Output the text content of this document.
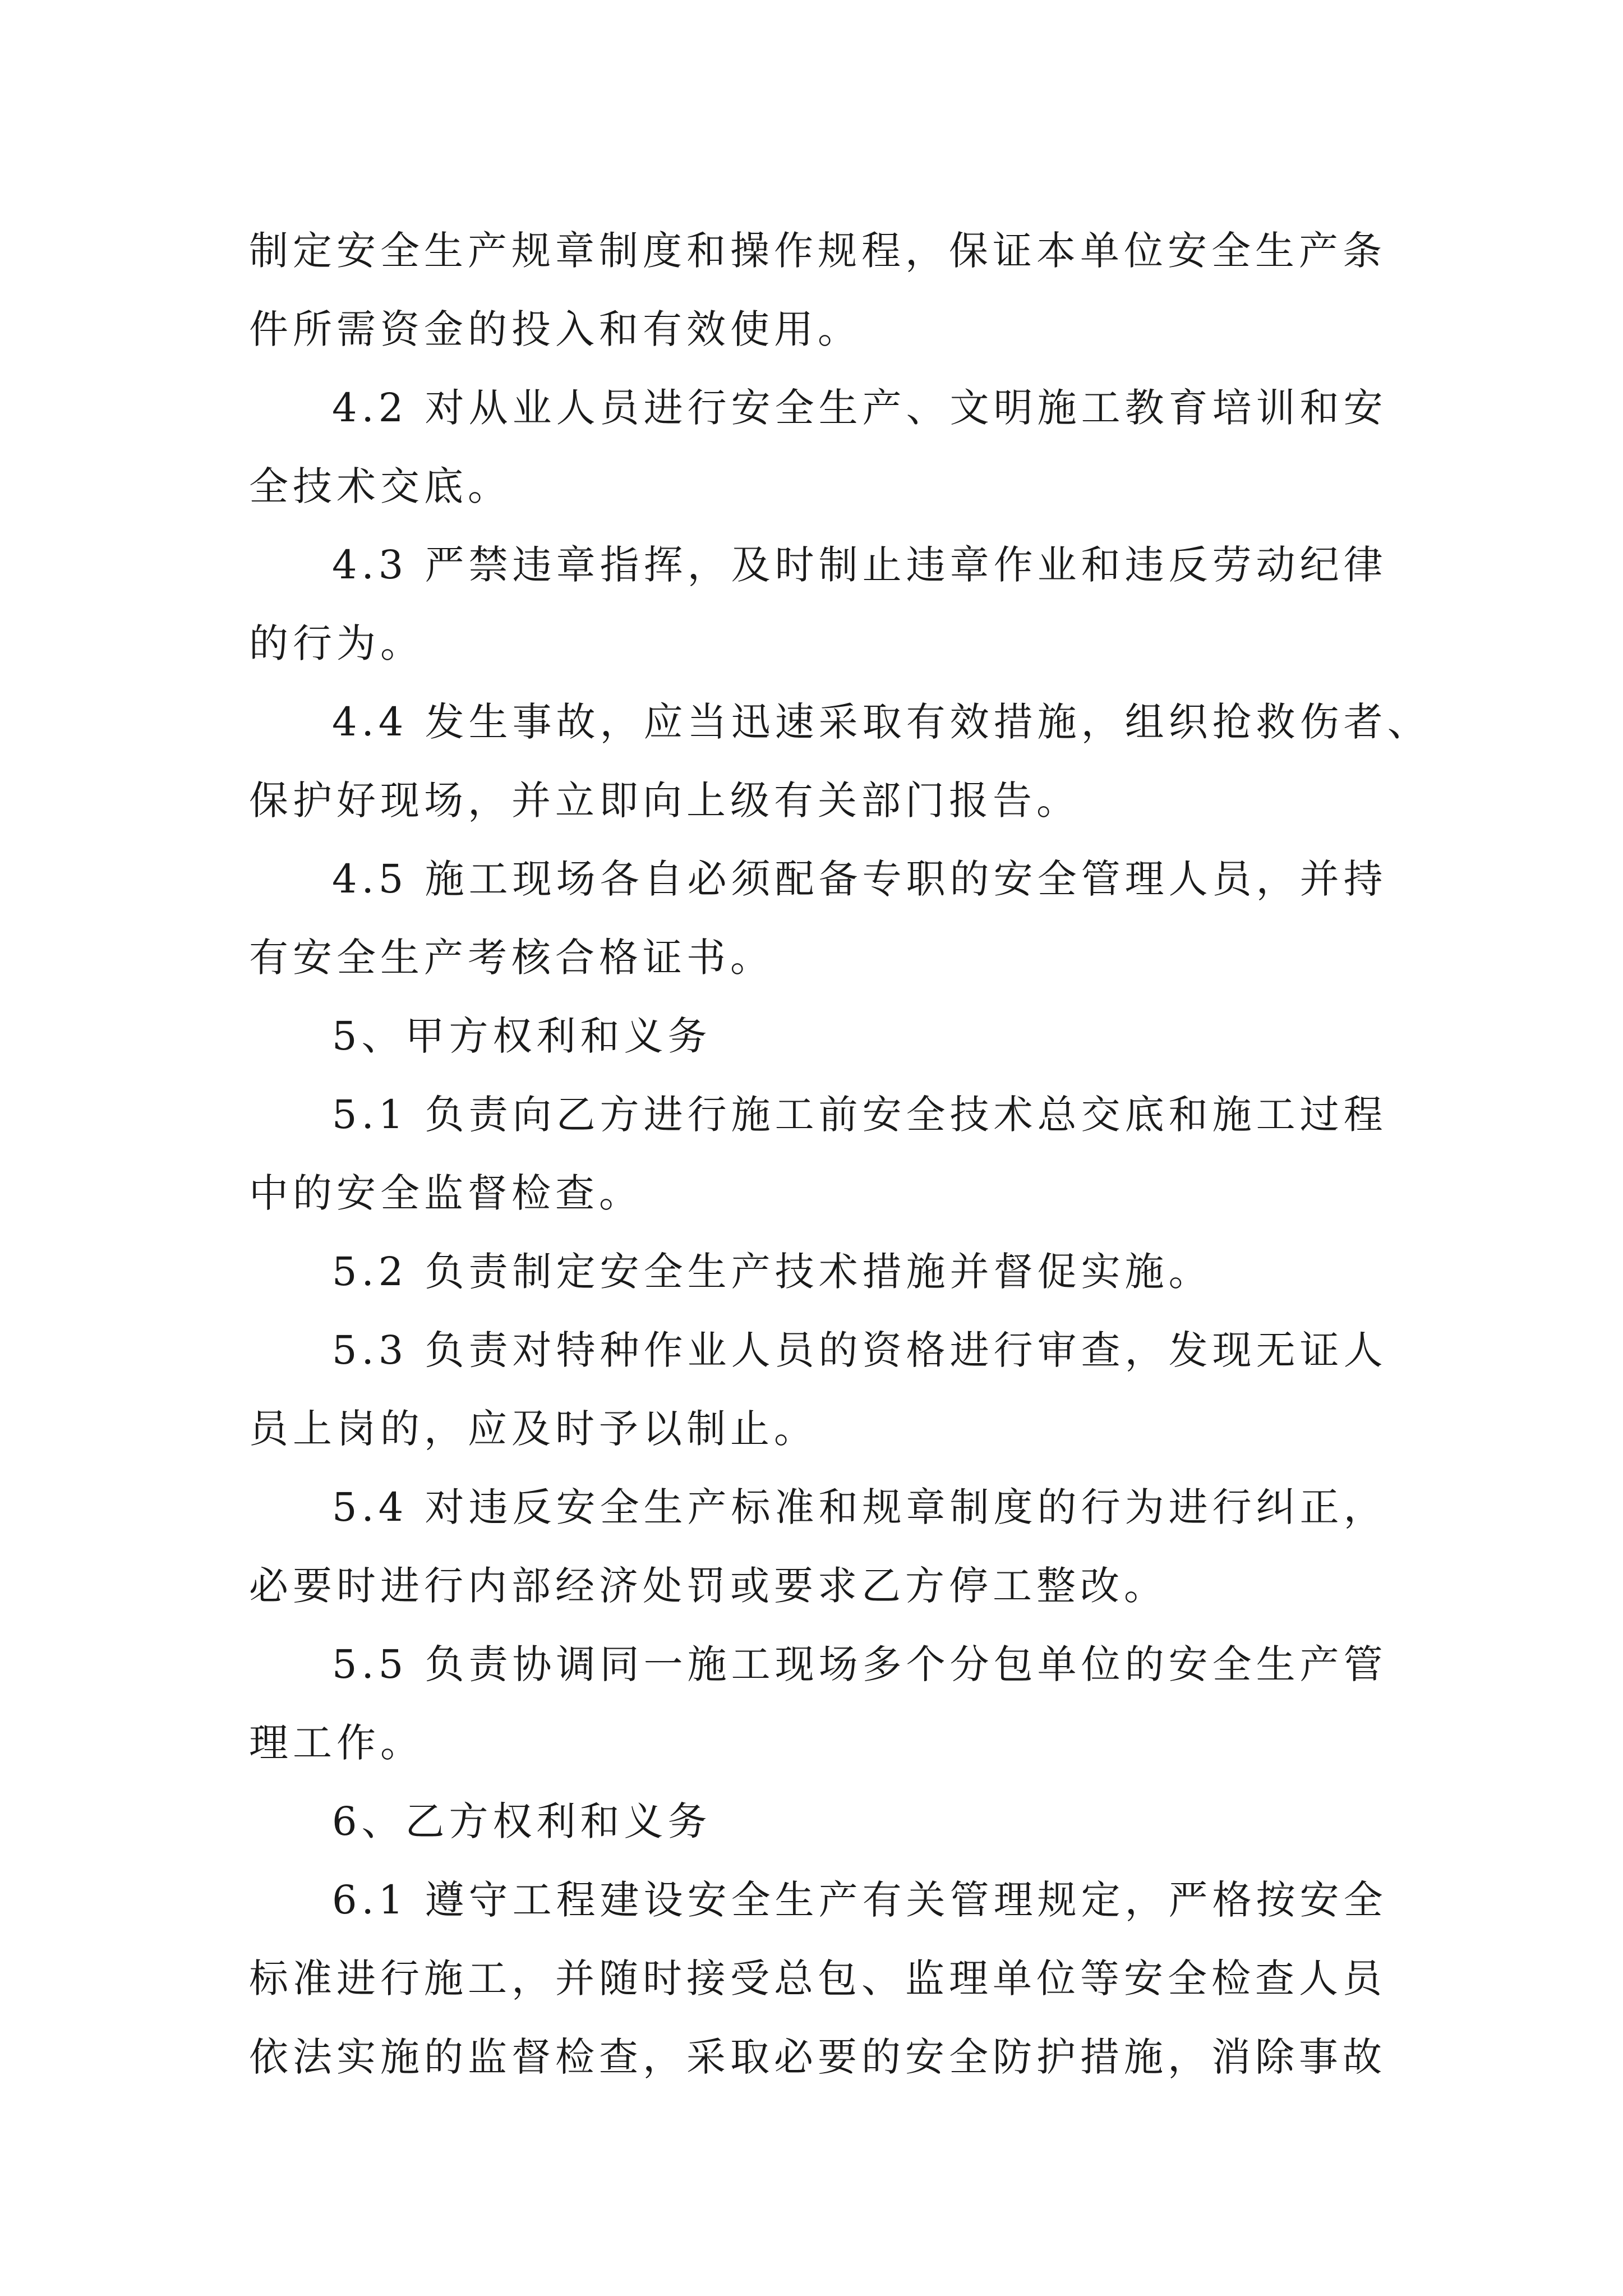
制定安全生产规章制度和操作规程，保证本单位安全生产条
件所需资金的投入和有效使用。
4.2 对从业人员进行安全生产、文明施工教育培训和安
全技术交底。
4.3 严禁违章指挥，及时制止违章作业和违反劳动纪律
的行为。
4.4 发生事故，应当迅速采取有效措施，组织抢救伤者、
保护好现场，并立即向上级有关部门报告。
4.5 施工现场各自必须配备专职的安全管理人员，并持
有安全生产考核合格证书。
5、甲方权利和义务
5.1 负责向乙方进行施工前安全技术总交底和施工过程
中的安全监督检查。
5.2 负责制定安全生产技术措施并督促实施。
5.3 负责对特种作业人员的资格进行审查，发现无证人
员上岗的，应及时予以制止。
5.4 对违反安全生产标准和规章制度的行为进行纠正，
必要时进行内部经济处罚或要求乙方停工整改。
5.5 负责协调同一施工现场多个分包单位的安全生产管
理工作。
6、乙方权利和义务
6.1 遵守工程建设安全生产有关管理规定，严格按安全
标准进行施工，并随时接受总包、监理单位等安全检查人员
依法实施的监督检查，采取必要的安全防护措施，消除事故
